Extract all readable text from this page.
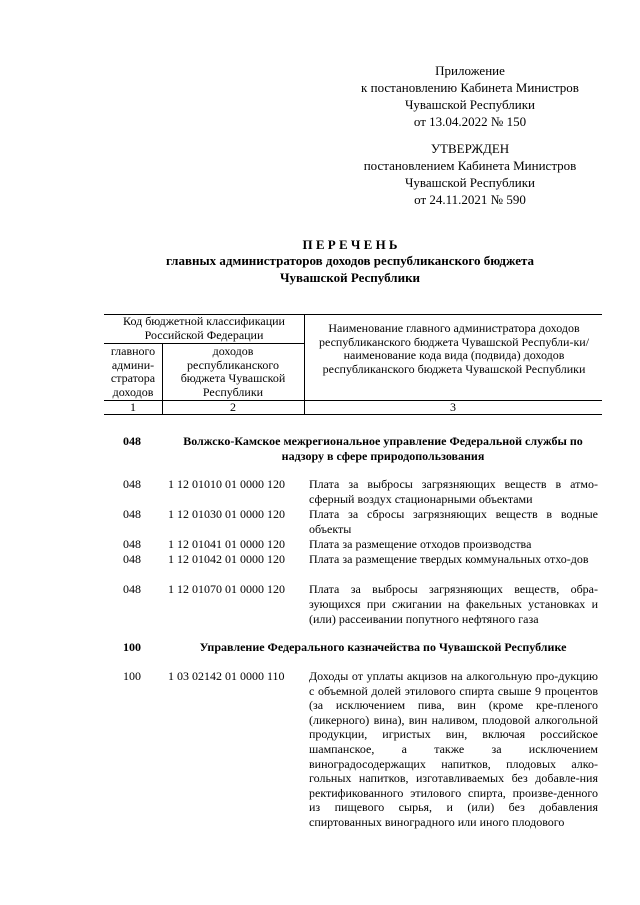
Приложение
к постановлению Кабинета Министров
Чувашской Республики
от 13.04.2022 № 150
УТВЕРЖДЕН
постановлением Кабинета Министров
Чувашской Республики
от 24.11.2021 № 590
П Е Р Е Ч Е Н Ь
главных администраторов доходов республиканского бюджета
Чувашской Республики
Код бюджетной классификации Российской Федерации
главного админи-стратора доходов
доходов республиканского бюджета Чувашской Республики
Наименование главного администратора доходов республиканского бюджета Чувашской Республи-ки/ наименование кода вида (подвида) доходов республиканского бюджета Чувашской Республики
1	2	3
048	Волжско-Камское межрегиональное управление Федеральной службы по надзору в сфере природопользования
048 1 12 01010 01 0000 120 Плата за выбросы загрязняющих веществ в атмо-сферный воздух стационарными объектами
048 1 12 01030 01 0000 120 Плата за сбросы загрязняющих веществ в водные объекты
048 1 12 01041 01 0000 120 Плата за размещение отходов производства
048 1 12 01042 01 0000 120 Плата за размещение твердых коммунальных отхо-дов
048 1 12 01070 01 0000 120 Плата за выбросы загрязняющих веществ, обра-зующихся при сжигании на факельных установках и (или) рассеивании попутного нефтяного газа
100	Управление Федерального казначейства по Чувашской Республике
100 1 03 02142 01 0000 110 Доходы от уплаты акцизов на алкогольную про-дукцию с объемной долей этилового спирта свыше 9 процентов (за исключением пива, вин (кроме кре-пленого (ликерного) вина), вин наливом, плодовой алкогольной продукции, игристых вин, включая российское шампанское, а также за исключением виноградосодержащих напитков, плодовых алко-гольных напитков, изготавливаемых без добавле-ния ректификованного этилового спирта, произве-денного из пищевого сырья, и (или) без добавления спиртованных виноградного или иного плодового
